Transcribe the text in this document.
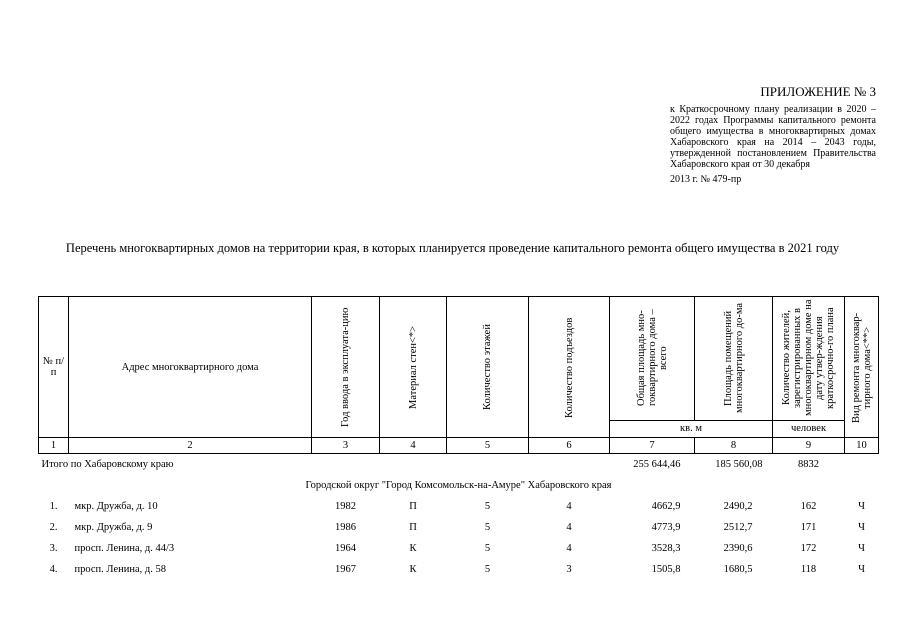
ПРИЛОЖЕНИЕ № 3
к Краткосрочному плану реализации в 2020 – 2022 годах Программы капитального ремонта общего имущества в многоквартирных домах Хабаровского края на 2014 – 2043 годы, утвержденной постановлением Правительства Хабаровского края от 30 декабря
2013 г. № 479-пр
Перечень многоквартирных домов на территории края, в которых планируется проведение капитального ремонта общего имущества в 2021 году
№ п/п	Адрес многоквартирного дома	Год ввода в эксплуата-цию	Материал стен<*>	Количество этажей	Количество подъездов	Общая площадь мно-гоквартирного дома – всего	Площадь помещений многоквартирного до-ма	Количество жителей, зарегистрированных в многоквартирном доме на дату утвер-ждения краткосрочно-го плана	Вид ремонта многоквар-тирного дома<**>

						кв. м		человек	
1	2	3	4	5	6	7	8	9	10
Итого по Хабаровскому краю						255 644,46	185 560,08	8832	
Городской округ "Город Комсомольск-на-Амуре" Хабаровского края									
1.	мкр. Дружба, д. 10	1982	П	5	4	4662,9	2490,2	162	Ч
2.	мкр. Дружба, д. 9	1986	П	5	4	4773,9	2512,7	171	Ч
3.	просп. Ленина, д. 44/3	1964	К	5	4	3528,3	2390,6	172	Ч
4.	просп. Ленина, д. 58	1967	К	5	3	1505,8	1680,5	118	Ч
